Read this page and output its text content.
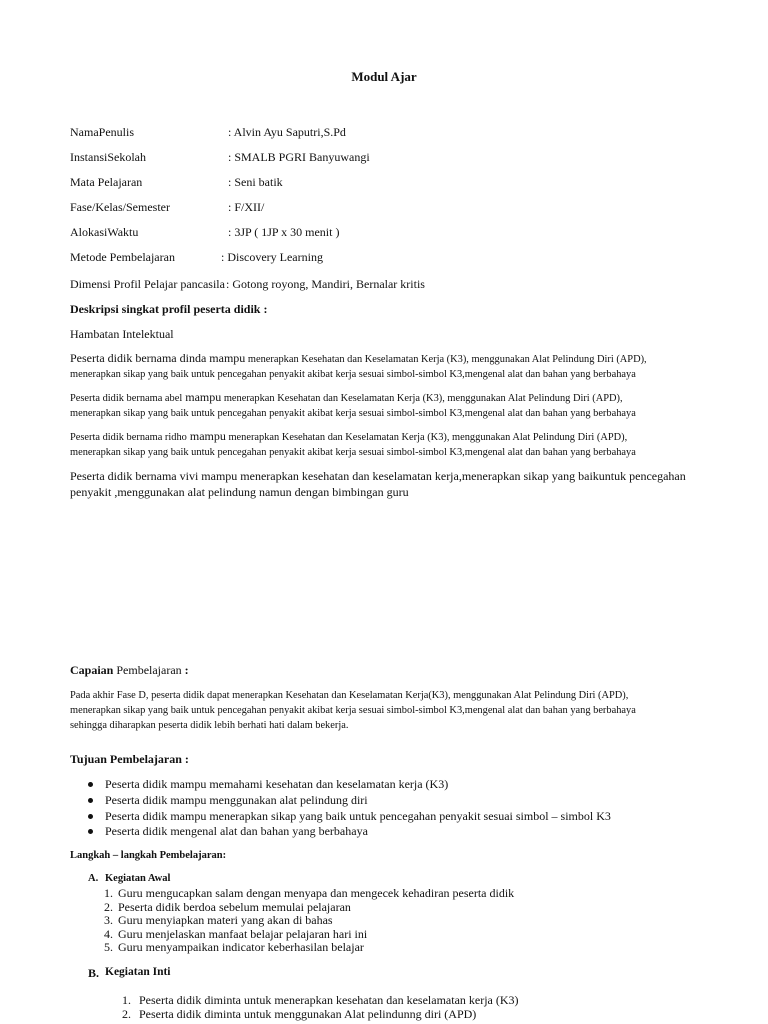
Modul Ajar
NamaPenulis	: Alvin Ayu Saputri,S.Pd
InstansiSekolah	: SMALB PGRI Banyuwangi
Mata Pelajaran	: Seni batik
Fase/Kelas/Semester	: F/XII/
AlokasiWaktu	: 3JP ( 1JP x 30 menit )
Metode Pembelajaran	: Discovery Learning
Dimensi Profil Pelajar pancasila : Gotong royong, Mandiri, Bernalar kritis
Deskripsi singkat profil peserta didik :
Hambatan Intelektual
Peserta didik bernama dinda mampu menerapkan Kesehatan dan Keselamatan Kerja (K3), menggunakan Alat Pelindung Diri (APD),
menerapkan sikap yang baik untuk pencegahan penyakit akibat kerja sesuai simbol-simbol K3,mengenal alat dan bahan yang berbahaya
Peserta didik bernama abel mampu menerapkan Kesehatan dan Keselamatan Kerja (K3), menggunakan Alat Pelindung Diri (APD),
menerapkan sikap yang baik untuk pencegahan penyakit akibat kerja sesuai simbol-simbol K3,mengenal alat dan bahan yang berbahaya
Peserta didik bernama ridho mampu menerapkan Kesehatan dan Keselamatan Kerja (K3), menggunakan Alat Pelindung Diri (APD),
menerapkan sikap yang baik untuk pencegahan penyakit akibat kerja sesuai simbol-simbol K3,mengenal alat dan bahan yang berbahaya
Peserta didik bernama vivi mampu menerapkan kesehatan dan keselamatan kerja,menerapkan sikap yang baikuntuk pencegahan
penyakit ,menggunakan alat pelindung namun dengan bimbingan guru
Capaian Pembelajaran :
Pada akhir Fase D, peserta didik dapat menerapkan Kesehatan dan Keselamatan Kerja(K3), menggunakan Alat Pelindung Diri (APD),
menerapkan sikap yang baik untuk pencegahan penyakit akibat kerja sesuai simbol-simbol K3,mengenal alat dan bahan yang berbahaya
sehingga diharapkan peserta didik lebih berhati hati dalam bekerja.
Tujuan Pembelajaran :
Peserta didik mampu memahami kesehatan dan keselamatan kerja (K3)
Peserta didik mampu menggunakan alat pelindung diri
Peserta didik mampu menerapkan sikap yang baik untuk pencegahan penyakit sesuai simbol – simbol K3
Peserta didik mengenal alat dan bahan yang berbahaya
Langkah – langkah Pembelajaran:
A. Kegiatan Awal
1. Guru mengucapkan salam dengan menyapa dan mengecek kehadiran peserta didik
2. Peserta didik berdoa sebelum memulai pelajaran
3. Guru menyiapkan materi yang akan di bahas
4. Guru menjelaskan manfaat belajar pelajaran hari ini
5. Guru menyampaikan indicator keberhasilan belajar
B. Kegiatan Inti
1. Peserta didik diminta untuk menerapkan kesehatan dan keselamatan kerja (K3)
2. Peserta didik diminta untuk menggunakan Alat pelindunng diri (APD)
